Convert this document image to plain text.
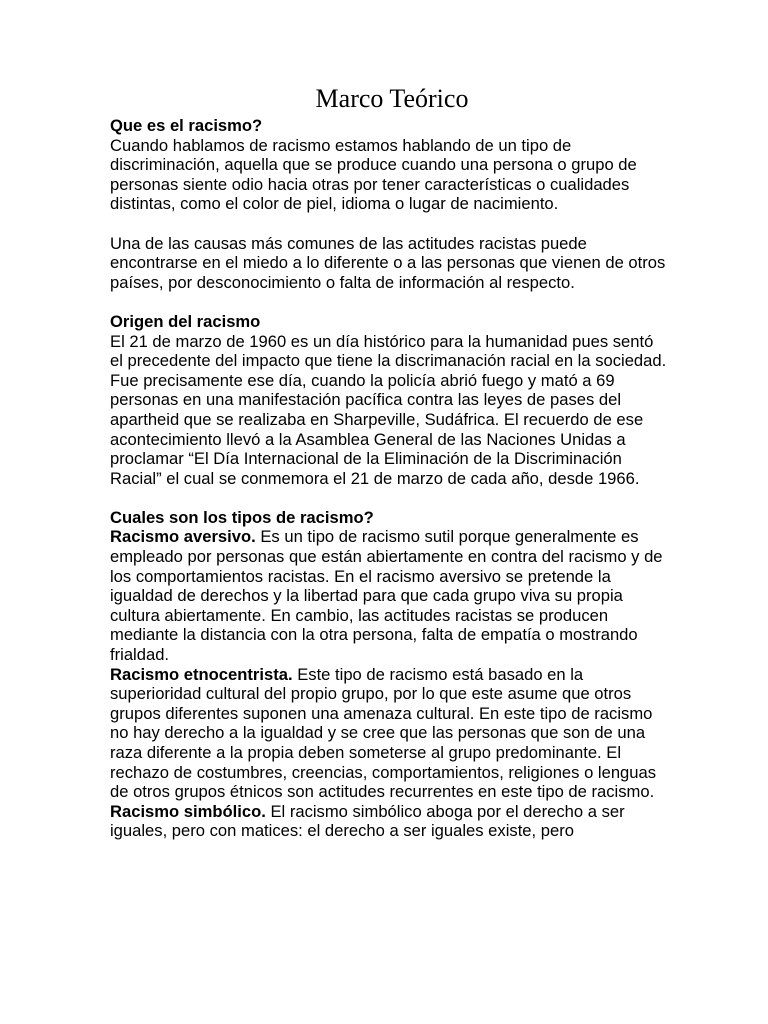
Marco Teórico

Que es el racismo?

Cuando hablamos de racismo estamos hablando de un tipo de discriminación, aquella que se produce cuando una persona o grupo de personas siente odio hacia otras por tener características o cualidades distintas, como el color de piel, idioma o lugar de nacimiento.

Una de las causas más comunes de las actitudes racistas puede encontrarse en el miedo a lo diferente o a las personas que vienen de otros países, por desconocimiento o falta de información al respecto.

Origen del racismo

El 21 de marzo de 1960 es un día histórico para la humanidad pues sentó el precedente del impacto que tiene la discrimanación racial en la sociedad. Fue precisamente ese día, cuando la policía abrió fuego y mató a 69 personas en una manifestación pacífica contra las leyes de pases del apartheid que se realizaba en Sharpeville, Sudáfrica. El recuerdo de ese acontecimiento llevó a la Asamblea General de las Naciones Unidas a proclamar “El Día Internacional de la Eliminación de la Discriminación Racial” el cual se conmemora el 21 de marzo de cada año, desde 1966.

Cuales son los tipos de racismo?

Racismo aversivo. Es un tipo de racismo sutil porque generalmente es empleado por personas que están abiertamente en contra del racismo y de los comportamientos racistas. En el racismo aversivo se pretende la igualdad de derechos y la libertad para que cada grupo viva su propia cultura abiertamente. En cambio, las actitudes racistas se producen mediante la distancia con la otra persona, falta de empatía o mostrando frialdad.

Racismo etnocentrista. Este tipo de racismo está basado en la superioridad cultural del propio grupo, por lo que este asume que otros grupos diferentes suponen una amenaza cultural. En este tipo de racismo no hay derecho a la igualdad y se cree que las personas que son de una raza diferente a la propia deben someterse al grupo predominante. El rechazo de costumbres, creencias, comportamientos, religiones o lenguas de otros grupos étnicos son actitudes recurrentes en este tipo de racismo.

Racismo simbólico. El racismo simbólico aboga por el derecho a ser iguales, pero con matices: el derecho a ser iguales existe, pero
